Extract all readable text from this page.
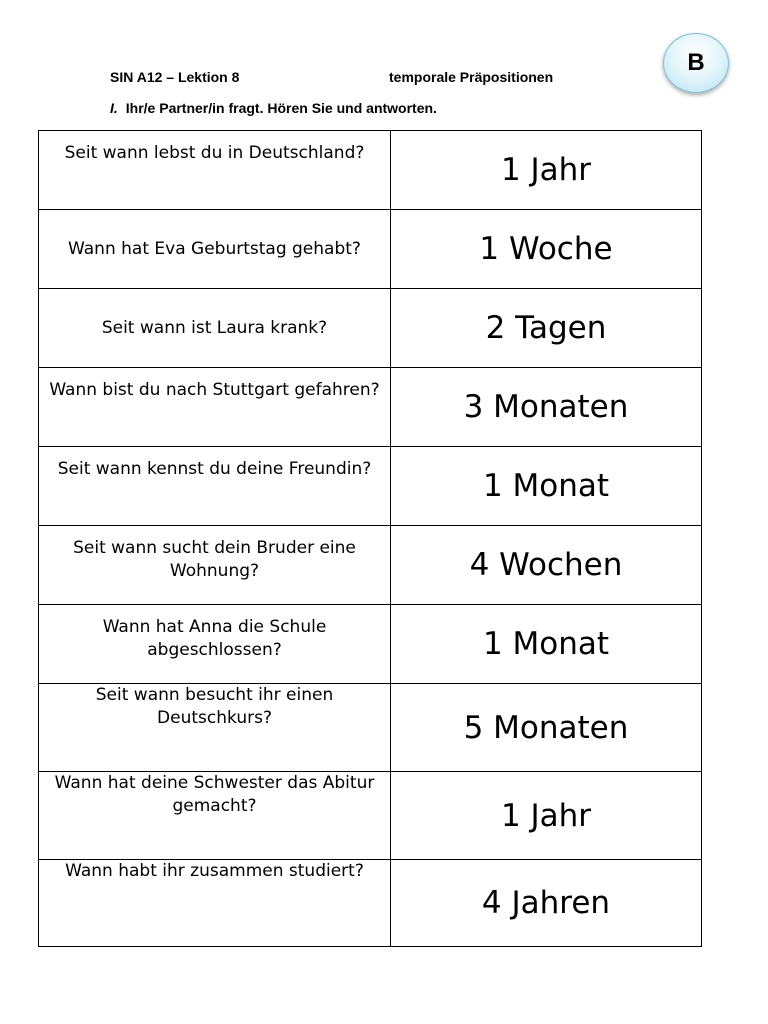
SIN A12 – Lektion 8	temporale Präpositionen
I. Ihr/e Partner/in fragt. Hören Sie und antworten.
B
Seit wann lebst du in Deutschland?	1 Jahr

Wann hat Eva Geburtstag gehabt?	1 Woche

Seit wann ist Laura krank?	2 Tagen

Wann bist du nach Stuttgart gefahren?	3 Monaten

Seit wann kennst du deine Freundin?	1 Monat

Seit wann sucht dein Bruder eine Wohnung?	4 Wochen

Wann hat Anna die Schule abgeschlossen?	1 Monat

Seit wann besucht ihr einen Deutschkurs?	5 Monaten

Wann hat deine Schwester das Abitur gemacht?	1 Jahr

Wann habt ihr zusammen studiert?	4 Jahren
